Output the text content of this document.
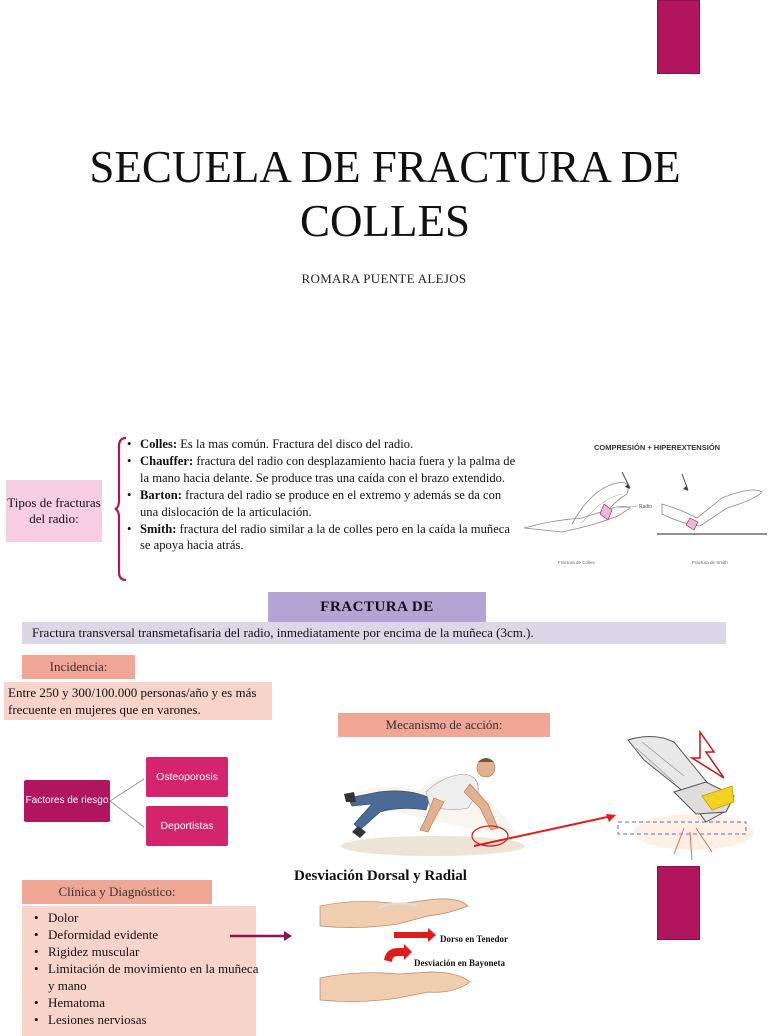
SECUELA DE FRACTURA DE
COLLES
ROMARA PUENTE ALEJOS
Tipos de fracturas del radio:
• Colles: Es la mas común. Fractura del disco del radio.
• Chauffer: fractura del radio con desplazamiento hacia fuera y la palma de la mano hacia delante. Se produce tras una caída con el brazo extendido.
• Barton: fractura del radio se produce en el extremo y además se da con una dislocación de la articulación.
• Smith: fractura del radio similar a la de colles pero en la caída la muñeca se apoya hacia atrás.
COMPRESIÓN + HIPEREXTENSIÓN
Radio
Fractura de Colles	Fractura de Smith
FRACTURA DE
Fractura transversal transmetafisaria del radio, inmediatamente por encima de la muñeca (3cm.).
Incidencia:
Entre 250 y 300/100.000 personas/año y es más frecuente en mujeres que en varones.
Factores de riesgo
Osteoporosis
Deportistas
Mecanismo de acción:
Desviación Dorsal y Radial
Dorso en Tenedor
Desviación en Bayoneta
Clínica y Diagnóstico:
• Dolor
• Deformidad evidente
• Rigidez muscular
• Limitación de movimiento en la muñeca y mano
• Hematoma
• Lesiones nerviosas
